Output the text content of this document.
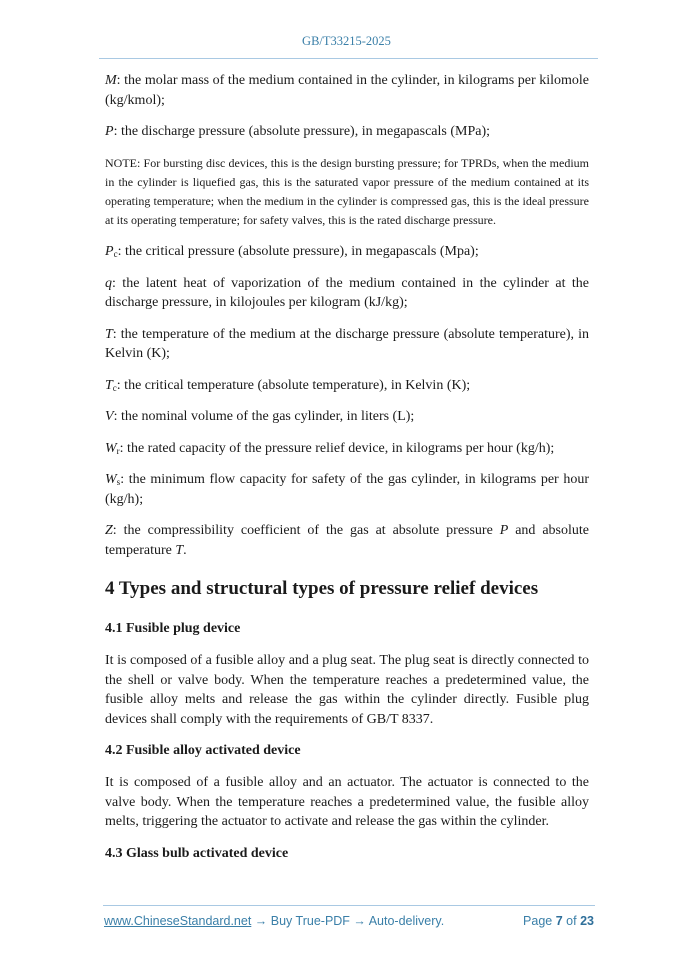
GB/T33215-2025

M: the molar mass of the medium contained in the cylinder, in kilograms per kilomole (kg/kmol);

P: the discharge pressure (absolute pressure), in megapascals (MPa);

NOTE: For bursting disc devices, this is the design bursting pressure; for TPRDs, when the medium in the cylinder is liquefied gas, this is the saturated vapor pressure of the medium contained at its operating temperature; when the medium in the cylinder is compressed gas, this is the ideal pressure at its operating temperature; for safety valves, this is the rated discharge pressure.

$P_c$: the critical pressure (absolute pressure), in megapascals (Mpa);

q: the latent heat of vaporization of the medium contained in the cylinder at the discharge pressure, in kilojoules per kilogram (kJ/kg);

T: the temperature of the medium at the discharge pressure (absolute temperature), in Kelvin (K);

$T_c$: the critical temperature (absolute temperature), in Kelvin (K);

V: the nominal volume of the gas cylinder, in liters (L);

$W_r$: the rated capacity of the pressure relief device, in kilograms per hour (kg/h);

$W_s$: the minimum flow capacity for safety of the gas cylinder, in kilograms per hour (kg/h);

Z: the compressibility coefficient of the gas at absolute pressure P and absolute temperature T.

4 Types and structural types of pressure relief devices
4.1 Fusible plug device

It is composed of a fusible alloy and a plug seat. The plug seat is directly connected to the shell or valve body. When the temperature reaches a predetermined value, the fusible alloy melts and release the gas within the cylinder directly. Fusible plug devices shall comply with the requirements of GB/T 8337.

4.2 Fusible alloy activated device

It is composed of a fusible alloy and an actuator. The actuator is connected to the valve body. When the temperature reaches a predetermined value, the fusible alloy melts, triggering the actuator to activate and release the gas within the cylinder.

4.3 Glass bulb activated device
www.ChineseStandard.net → Buy True-PDF → Auto-delivery.	Page 7 of 23
